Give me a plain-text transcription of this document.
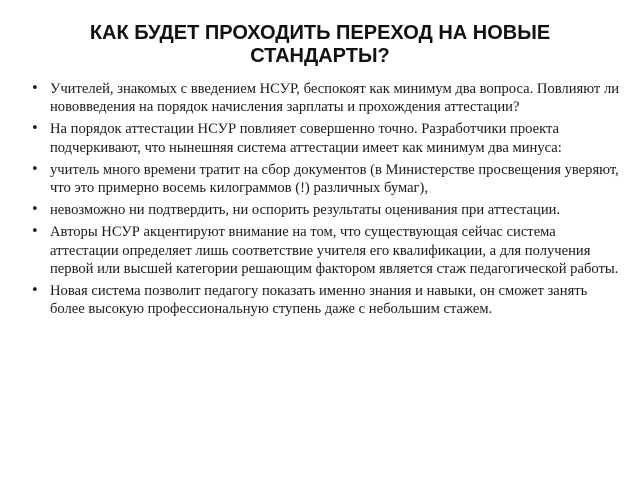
КАК БУДЕТ ПРОХОДИТЬ ПЕРЕХОД НА НОВЫЕ СТАНДАРТЫ?
• Учителей, знакомых с введением НСУР, беспокоят как минимум два вопроса. Повлияют ли нововведения на порядок начисления зарплаты и прохождения аттестации?
• На порядок аттестации НСУР повлияет совершенно точно. Разработчики проекта подчеркивают, что нынешняя система аттестации имеет как минимум два минуса:
• учитель много времени тратит на сбор документов (в Министерстве просвещения уверяют, что это примерно восемь килограммов (!) различных бумаг),
• невозможно ни подтвердить, ни оспорить результаты оценивания при аттестации.
• Авторы НСУР акцентируют внимание на том, что существующая сейчас система аттестации определяет лишь соответствие учителя его квалификации, а для получения первой или высшей категории решающим фактором является стаж педагогической работы.
• Новая система позволит педагогу показать именно знания и навыки, он сможет занять более высокую профессиональную ступень даже с небольшим стажем.
